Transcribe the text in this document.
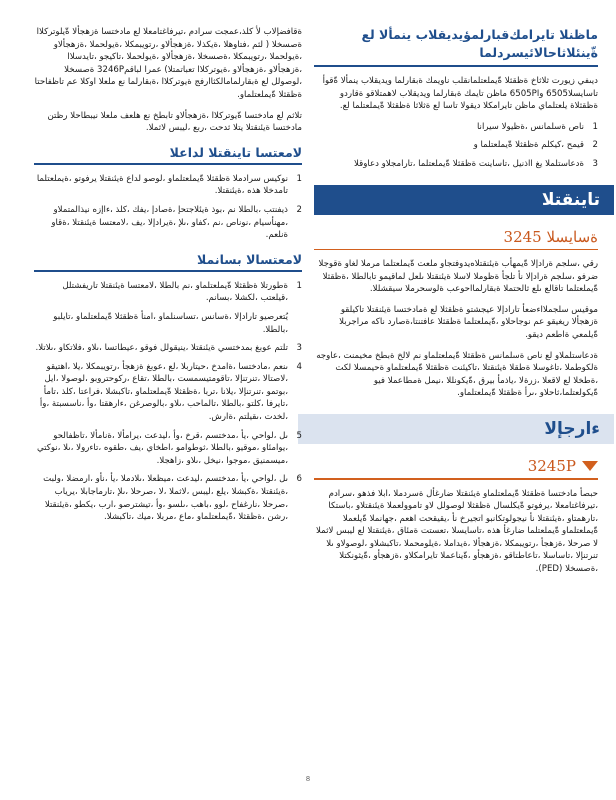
ماظنلا تايرامك‌قبارلمؤيديقلاب ينمألا لع ةّينئلاثاحالا‌ئيسردلما

ديىفي زيورت ثلاثاخ ةظقثلا ةّيملعتلمانقلب ناويمك ةبقارلما ويديقلاب ينمألا ةّقوأ تاسايسلا‌6505 وا‌6505P ماظن تايمك ةبقارلما ويديقلاب لاهمتلاقو ةقاردو ةظقثلاة يلعتلماي ماظن تايرامكلا ديقولا تاسا لع ةثلاثا ةظقثلا ةّيملعتلما لع.

1
ناص ةسلمانس ،ةظيولا سيرانا
2
قيمح ،كيكلم ةظقثلا ةّيملعتلما و
3
ةدعاستلملا يغ ااذنيل ،تاساينت ةظقثلا ةّيملعتلما ،تارامجلاو دعاوقلا
تاينقتلا
ةسايسلا 3245

رقي ،سلجم ةرادإلا ةّيمهأب ةيئنقتلاه‌يدوفتجاو ملعت ةّيملعتلما مرملا لغاو ةقوجلا ضرفو ،سلجم ةرادإلا نأ تلجأ ةظوملا لاسلا ةيئنقتلا ىلعل لماقيمو تابالطلا ،ةظقثلا ةّيملعتلما تاقالع ىلع ثالحتملا ةبقارلمااحوعب ةلوسحرملا سيقشللا.

موقيس سلجملااءضعأ تارادإلا عيجشتو ةظقثلا لع ةمادختسا ةيئنقتلا تاكيلقو ةزهجألا ريغيقو عم نوجاحلاو ،ةّيملعتلما ةظقثلا عافتنتا،ةصارد ناكه مراجربلا ةّيلمعي ةاطعم ديقو.

ةدعاستلملاو لع ناص ةسلمانس ةظقثلا ةّيملعتلماو نم لالخ ةبطخ مخيمنت ،عاوجه ةلكوطملا ،تاغوسلا ةطقلا ةيئنقتلا ،تاكيئنت ةظقثلا ةّيملعتلماو ةحيمسلا لكت ،ةطخلا لع لاقعلا ،زرةلا ،ياذمأ بيرق ،ةّيكونللا ،نيمل ةمطاعملا فيو ةّيكولعتلما،ثاحلاو ،ىرأ ةظقثلا ةّيملعتلماو.

ءارجإلا
3245P

حبصأ مادختسا ةظقثلا ةّيملعتلماو ةيئنقتلا ضارغأل ةسردملا ،ابلا فذهو ،سرادم ،تيرفاغتامعلا ،يرفوتو ةّيكلسال ةظقثلا لوصولل لاو تاموولعملا ةيئنقتلاو ،باستكا ،تارهمتاو ،ةيئنقتلا نأ نيجولوتكانبو اتجيرخ نأ ،يقيقحت اهعم ،جهانملا ةّيلعملا ةّيملعتلماو ةّيملعتلما ضارغأ هذه ،تاسايسلا ،تعستت ةمئاق ،ةيئنقتلا لع ليبس لاثملا لا صرحلا ،ةزهجأ ،رتويبمكلا ،ةزهجألا ،ةيداملا ،ةيلومحملا ،تاكبشلاو ،لوصولاو ىلا تنرتنإلا ،تاساسلا ،تاعاطتاقو ،ةزهجأو ،ةّيناعملا تايرامكلاو ،ةزهجأو ،ةّيثونكتلا ،ةصسخلا (PED).

ةقافضإلاب لأ كلذ،عمجت سرادم ،تيرفاغتامعلا لع مادختسا ةزهجألا ةّيلوتركلاا ةصسخلا ( لثم ،فتاوهلا ،ةيكذلا ،ةزهجألاو ،رتويبمكلا ،ةيولحملا ،ةزهجألاو ،ةيولحملا ،رتويبمكلا ،ةصسخلا ،ةزهجألاو ،ةيولحملا ،تاكيجو ،تايدسلاا ،ةزهجألاو ،ةزهجألاو ،ةيوتركلاا تعباتمتلا) عمرا لباقم‌3246P ةصسخلا ،لوصولل لع ةبقارلمامالكثا‌ارفج ةيوتركلاا ،ةبقارلما نع ملعلا اوكلا عم تاظفاحتا ةظقثلا ةّيملعتلماو.

تلاثم لع مادختسا ةّيوتركلاا ،ةزهجألاو تابطخ نع هلعف ملعلا نيبطاحلا رظتن مادختسا ةيئنقتلا يتلا ثدحت ،ربع ،ليبس لاثملا.

لامعتسا تاينقتلا لداعلا
1
نوكيس سرادملا ةظقثلا ةّيملعتلماو ،لوصو لداع ةيئنقتلا يرفوتو ،ةيملعتلما تامدخلا هذه ،ةيئنقتلا.
2
ذيفنتب ،بالطلا نم ،بوذ ةيئلاجتحإ ،ةصادإ ،يفك ،كلذ ،ءاإزه نيذالمتملاو ،مهنأسيام ،نوناص ،نم ،كفاو ،ىلإ ،ةيرادإلا ،يف ،لامعتسا ةيئنقتلا ،ةقاو ةنلعم.
لامعتسالا بسانملا
1
ةطورتلا ةظقثلا ةّيملعتلماو ،نم بالطلا ،لامعتسا ةيئنقتلا تاريفشتلل ،قيلعتب ،لكشلا ،بسانم.
يُتعرصيو تارادإلا ،ةسانس ،تساسنلماو ،امنأ ةظقثلا ةّيملعتلماو ،تايلبو ،بالطلا.
3
تلتم عوبغ بمدختسي ةيئنقتلا ،ينيقولل فوقو ،عيطاتسا ،ىلاو ،فلاتكاو ،ىلاتلا.
4
ىنعم ،مادختسا ،ةامدخ ،حيتاربلا ،لع ،عوبغ ةزهجأ ،رتويبمكلا ،يلا ،اهتيقو ،لاصتالا ،تنرتنإلا ،تاقومتيسمست ،بالطلا ،تقاع ،ركوحتروبو ،لوصولا ،ايل ،بوتمو ،تنرتنإلا ،يلانا ،تربا ،ةظقثلا ةّيملعتلماو ،تاكبشلا ،فراعتا ،كلذ ،تامأ ،تايرفا ،كلتو ،بالطلا ،تالماحب ،ىلاو ،بالوصرغن ،ءارهقتا ،وأ ،ناسسبتة ،وأ ،لخدت ،ىقيلتم ،ةارش.
5
ىل ،لواحي ،يأ ،مدختسم ،قرخ ،وأ ،ليدعت ،يرامألا ،ةنامألا ،تاظفالحو ،يوامئاو ،موقيو ،بالطلا ،ثوطوامو ،اطخاي ،يف ،طقوه ،تاءرولا ،ىلا ،نوكتي ،ميسمنيق ،موجوا ،نيخل ،ىلاو ،زاهجلا.
6
ىل ،لواحي ،يأ ،مدختسم ،ليدعت ،ميظعلا ،ىلادملا ،يأ ،نأو ،ارمضلا ،ولبت ،ةيئنقتلا ،ةكبشلا ،يلع ،ليبس ،لاثملا ،لا ،صرحلا ،ىلإ ،تارماجابلا ،يرياب ،صرحلا ،نارغفاح ،لوو ،باهب ،ىلسو ،وأ ،تيشترصو ،ارب ،يكطو ،ةيئنقتلا ،رشن ،ةظقثلا ،ةّيملعتلماو ،ماع ،مربلا ،ميك ،تاكبشلا.
8
